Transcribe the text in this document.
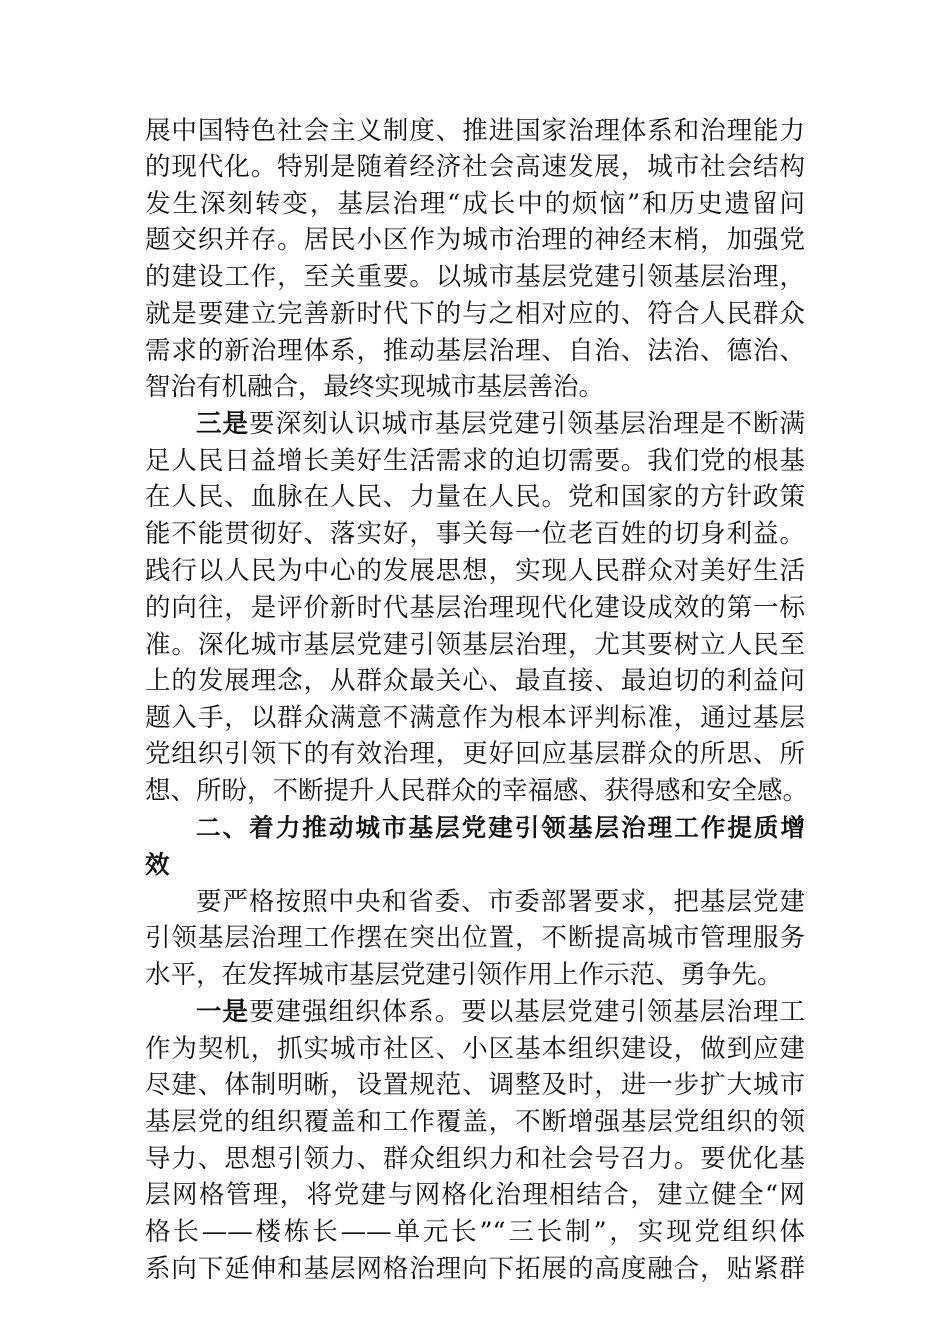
展中国特色社会主义制度、推进国家治理体系和治理能力
的现代化。特别是随着经济社会高速发展，城市社会结构
发生深刻转变，基层治理“成长中的烦恼”和历史遗留问
题交织并存。居民小区作为城市治理的神经末梢，加强党
的建设工作，至关重要。以城市基层党建引领基层治理，
就是要建立完善新时代下的与之相对应的、符合人民群众
需求的新治理体系，推动基层治理、自治、法治、德治、
智治有机融合，最终实现城市基层善治。
三是要深刻认识城市基层党建引领基层治理是不断满
足人民日益增长美好生活需求的迫切需要。我们党的根基
在人民、血脉在人民、力量在人民。党和国家的方针政策
能不能贯彻好、落实好，事关每一位老百姓的切身利益。
践行以人民为中心的发展思想，实现人民群众对美好生活
的向往，是评价新时代基层治理现代化建设成效的第一标
准。深化城市基层党建引领基层治理，尤其要树立人民至
上的发展理念，从群众最关心、最直接、最迫切的利益问
题入手，以群众满意不满意作为根本评判标准，通过基层
党组织引领下的有效治理，更好回应基层群众的所思、所
想、所盼，不断提升人民群众的幸福感、获得感和安全感。
二、着力推动城市基层党建引领基层治理工作提质增
效
要严格按照中央和省委、市委部署要求，把基层党建
引领基层治理工作摆在突出位置，不断提高城市管理服务
水平，在发挥城市基层党建引领作用上作示范、勇争先。
一是要建强组织体系。要以基层党建引领基层治理工
作为契机，抓实城市社区、小区基本组织建设，做到应建
尽建、体制明晰，设置规范、调整及时，进一步扩大城市
基层党的组织覆盖和工作覆盖，不断增强基层党组织的领
导力、思想引领力、群众组织力和社会号召力。要优化基
层网格管理，将党建与网格化治理相结合，建立健全“网
格长——楼栋长——单元长”“三长制”，实现党组织体
系向下延伸和基层网格治理向下拓展的高度融合，贴紧群
